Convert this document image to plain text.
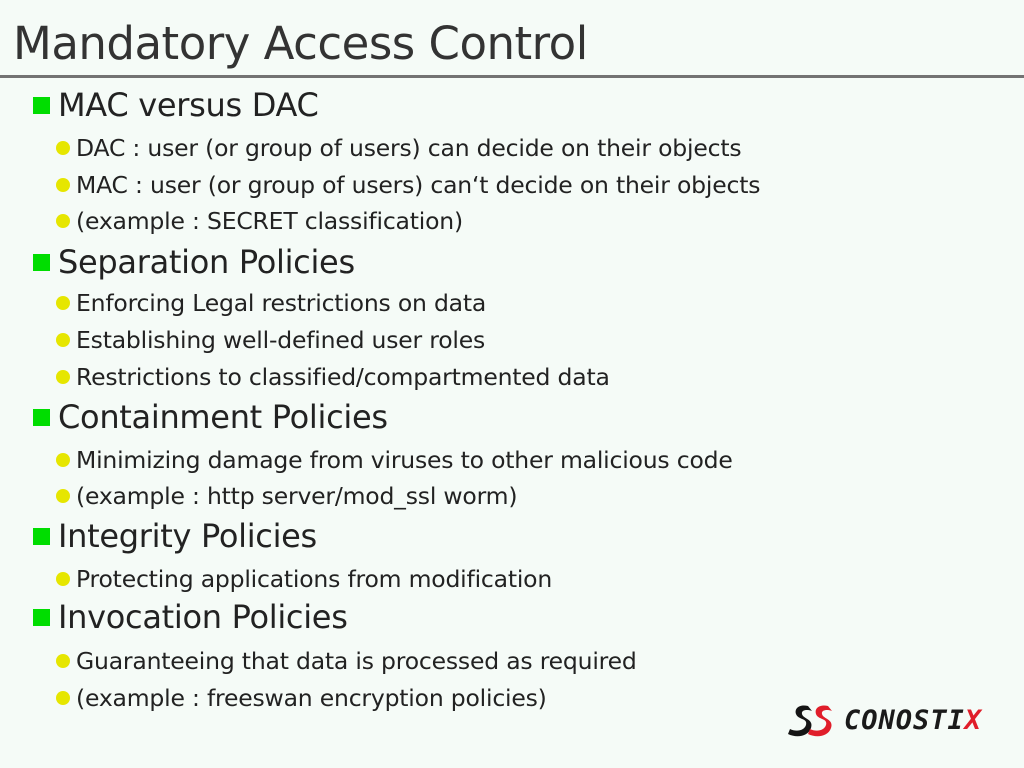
Mandatory Access Control
MAC versus DAC
DAC : user (or group of users) can decide on their objects
MAC : user (or group of users) can‘t decide on their objects
(example : SECRET classification)
Separation Policies
Enforcing Legal restrictions on data
Establishing well-defined user roles
Restrictions to classified/compartmented data
Containment Policies
Minimizing damage from viruses to other malicious code
(example : http server/mod_ssl worm)
Integrity Policies
Protecting applications from modification
Invocation Policies
Guaranteeing that data is processed as required
(example : freeswan encryption policies)
CONOSTIX
